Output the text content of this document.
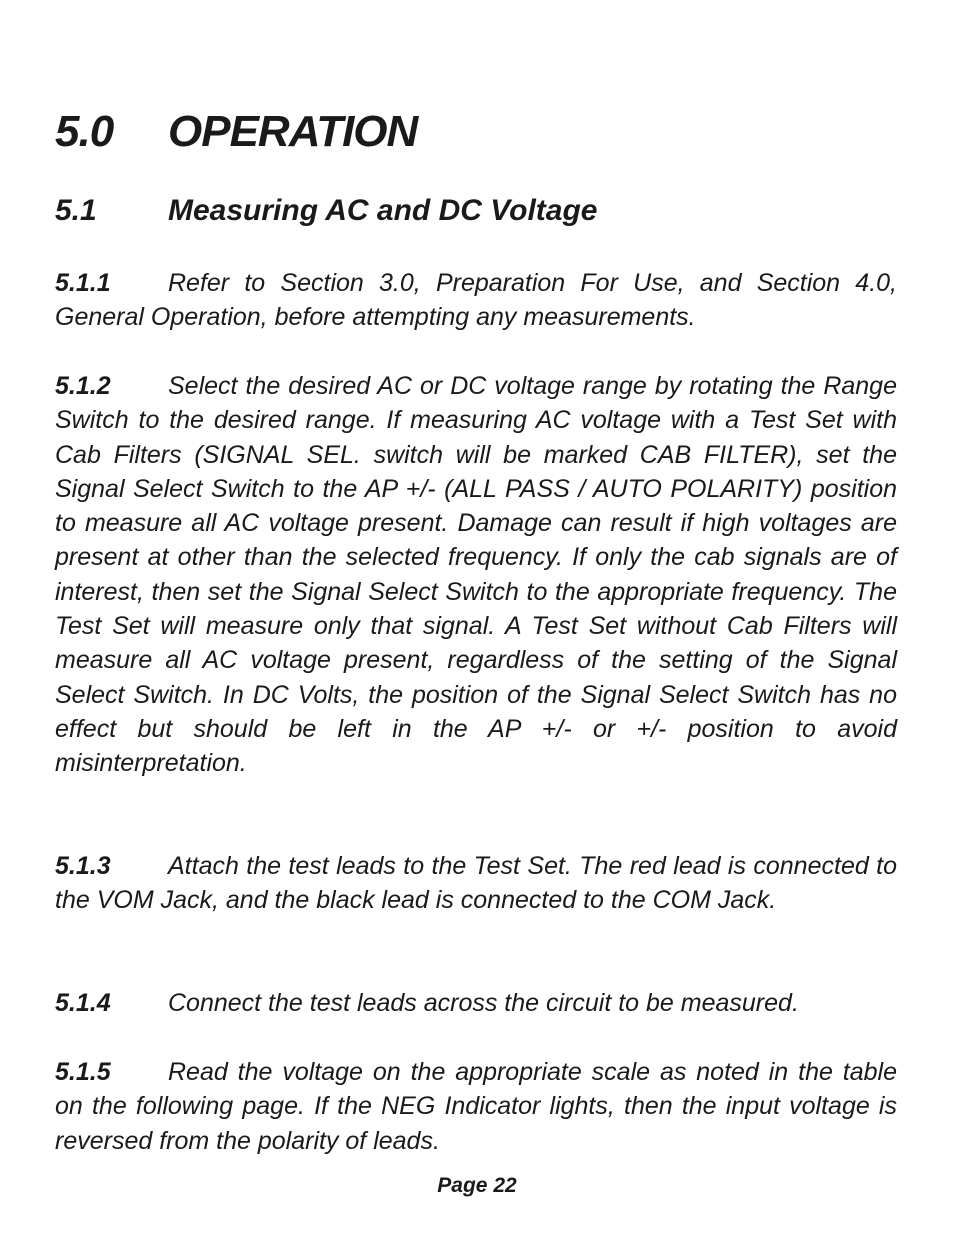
5.0 OPERATION
5.1 Measuring AC and DC Voltage
5.1.1 Refer to Section 3.0, Preparation For Use, and Section 4.0, General Operation, before attempting any measurements.
5.1.2 Select the desired AC or DC voltage range by rotating the Range Switch to the desired range. If measuring AC voltage with a Test Set with Cab Filters (SIGNAL SEL. switch will be marked CAB FILTER), set the Signal Select Switch to the AP +/- (ALL PASS / AUTO POLARITY) position to measure all AC voltage present. Damage can result if high voltages are present at other than the selected frequency. If only the cab signals are of interest, then set the Signal Select Switch to the appropriate frequency. The Test Set will measure only that signal. A Test Set without Cab Filters will measure all AC voltage present, regardless of the setting of the Signal Select Switch. In DC Volts, the position of the Signal Select Switch has no effect but should be left in the AP +/- or +/- position to avoid misinterpretation.
5.1.3 Attach the test leads to the Test Set. The red lead is connected to the VOM Jack, and the black lead is connected to the COM Jack.
5.1.4 Connect the test leads across the circuit to be measured.
5.1.5 Read the voltage on the appropriate scale as noted in the table on the following page. If the NEG Indicator lights, then the input voltage is reversed from the polarity of leads.
Page 22
